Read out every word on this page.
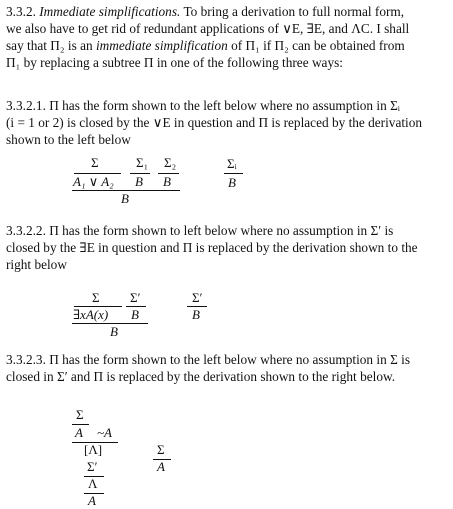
3.3.2. Immediate simplifications. To bring a derivation to full normal form,

we also have to get rid of redundant applications of ∨E, ∃E, and ΛC. I shall

say that Π₂ is an immediate simplification of Π₁ if Π₂ can be obtained from

Π₁ by replacing a subtree Π in one of the following three ways:

3.3.2.1. Π has the form shown to the left below where no assumption in Σᵢ

(i = 1 or 2) is closed by the ∨E in question and Π is replaced by the derivation

shown to the left below

Σ	Σ₁ Σ₂
A₁ ∨ A₂ B B
B
Σᵢ
B

3.3.2.2. Π has the form shown to left below where no assumption in Σ′ is

closed by the ∃E in question and Π is replaced by the derivation shown to the

right below

Σ Σ′
∃xA(x) B
B
Σ′
B

3.3.2.3. Π has the form shown to the left below where no assumption in Σ is

closed in Σ′ and Π is replaced by the derivation shown to the right below.

Σ
A ~A
[Λ]
Σ′
Λ
A
Σ
A
